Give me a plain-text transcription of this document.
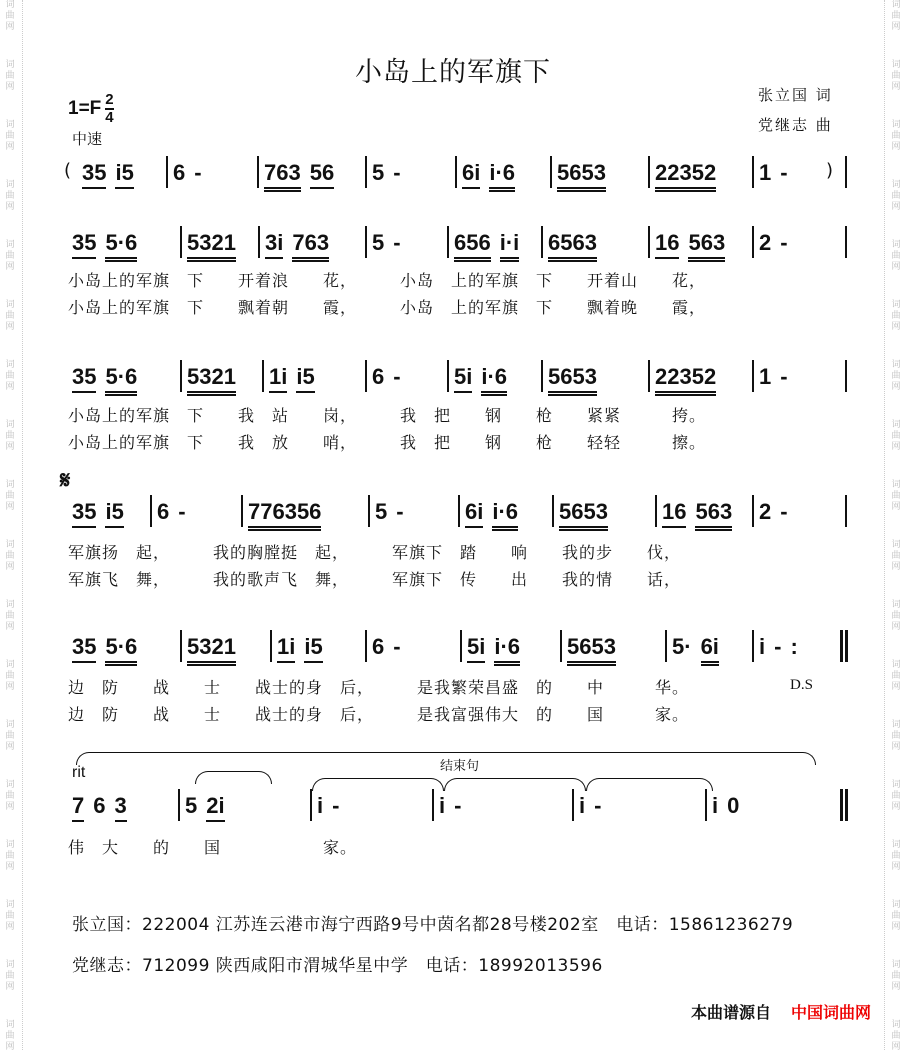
词
曲
网
词
曲
网
词
曲
网
词
曲
网
词
曲
网
词
曲
网
词
曲
网
词
曲
网
词
曲
网
词
曲
网
词
曲
网
词
曲
网
词
曲
网
词
曲
网
词
曲
网
词
曲
网
词
曲
网
词
曲
网
词
曲
网
词
曲
网
词
曲
网
词
曲
网
词
曲
网
词
曲
网
词
曲
网
词
曲
网
词
曲
网
词
曲
网
词
曲
网
词
曲
网
词
曲
网
词
曲
网
词
曲
网
词
曲
网
词
曲
网
词
曲
网
小岛上的军旗下
$1=F \frac{2}{4}$
中速
张立国 词
党继志 曲
35 i5	6 -	763 56	5 -	6i i·6	5653	22352	1 -
(	)
35 5·6	5321	3i 763	5 -	656 i·i	6563	16 563	2 -
35 5·6	5321	1i i5	6 -	5i i·6	5653	22352	1 -
35 i5	6 -	776356	5 -	6i i·6	5653	16 563	2 -
35 5·6	5321	1i i5	6 -	5i i·6	5653	5· 6i	i - :
7 6 3	5 2i	i -	i -	i -	i 0
小岛上的军旗　下　　开着浪　　花，　　　小岛　上的军旗　下　　开着山　　花，
小岛上的军旗　下　　飘着朝　　霞，　　　小岛　上的军旗　下　　飘着晚　　霞，
小岛上的军旗　下　　我　站　　岗，　　　我　把　　钢　　枪　　紧紧　　　挎。
小岛上的军旗　下　　我　放　　哨，　　　我　把　　钢　　枪　　轻轻　　　擦。
𝄋
军旗扬　起，　　　我的胸膛挺　起，　　　军旗下　踏　　响　　我的步　　伐，
军旗飞　舞，　　　我的歌声飞　舞，　　　军旗下　传　　出　　我的情　　话，
边　防　　战　　士　　战士的身　后，　　　是我繁荣昌盛　的　　中　　　华。	D.S
边　防　　战　　士　　战士的身　后，　　　是我富强伟大　的　　国　　　家。
rit	结束句
伟　大　　的　　国　　　　　　家。
张立国：222004 江苏连云港市海宁西路9号中茵名都28号楼202室　电话：15861236279
党继志：712099 陕西咸阳市渭城华星中学　电话：18992013596
本曲谱源自 中国词曲网
